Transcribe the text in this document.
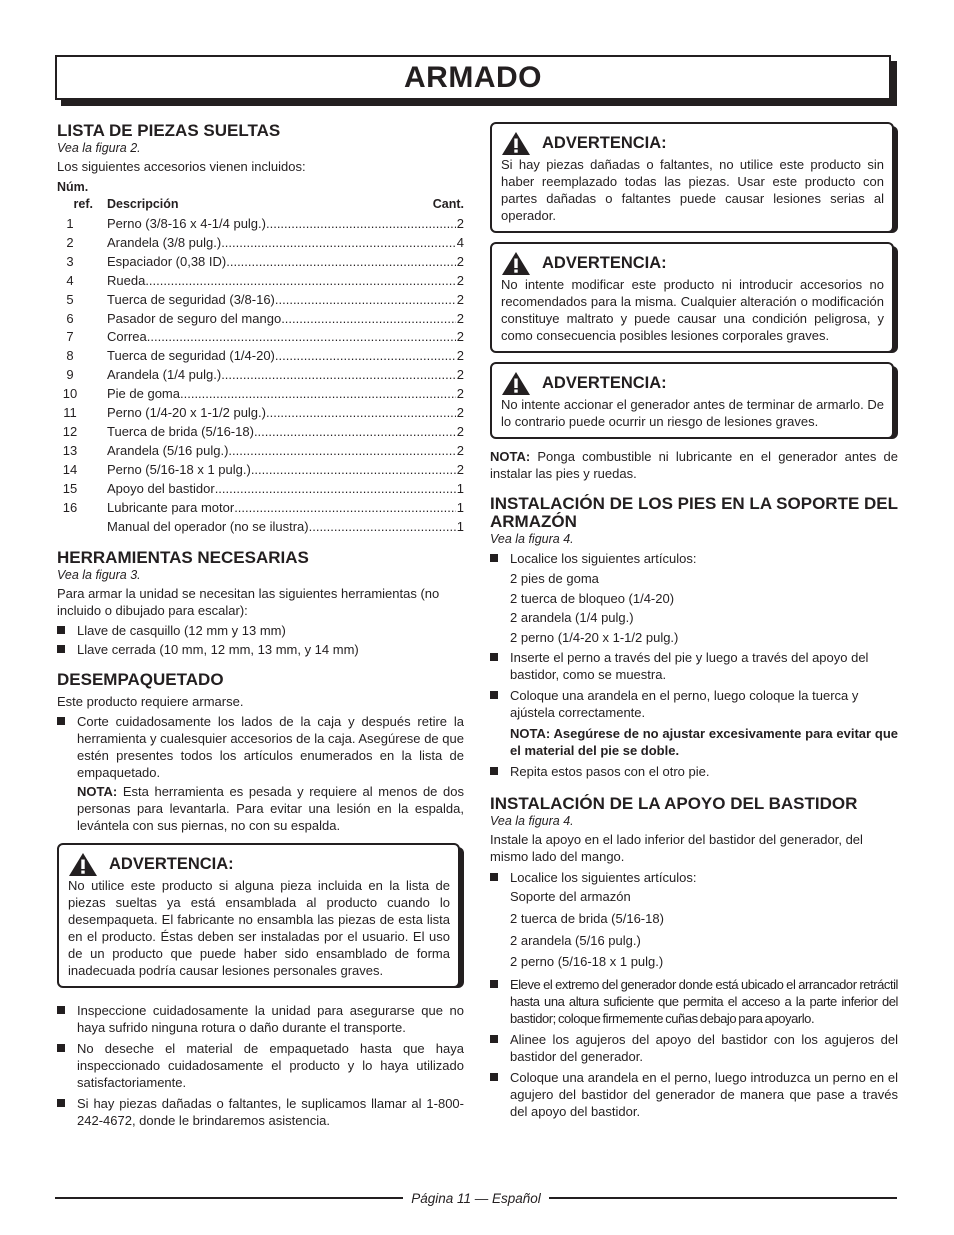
ARMADO
LISTA DE PIEZAS SUELTAS
Vea la figura 2.

Los siguientes accesorios vienen incluidos:

Núm.
ref. Descripción	Cant.
1	Perno (3/8-16 x 4-1/4 pulg.) .....	2
2	Arandela (3/8 pulg.) .....	4
3	Espaciador (0,38 ID) .....	2
4	Rueda .....	2
5	Tuerca de seguridad (3/8-16) .....	2
6	Pasador de seguro del mango .....	2
7	Correa .....	2
8	Tuerca de seguridad (1/4-20) .....	2
9	Arandela (1/4 pulg.) .....	2
10	Pie de goma .....	2
11	Perno (1/4-20 x 1-1/2 pulg.) .....	2
12	Tuerca de brida (5/16-18) .....	2
13	Arandela (5/16 pulg.) .....	2
14	Perno (5/16-18 x 1 pulg.) .....	2
15	Apoyo del bastidor .....	1
16	Lubricante para motor .....	1
Manual del operador (no se ilustra) .....	1
HERRAMIENTAS NECESARIAS
Vea la figura 3.

Para armar la unidad se necesitan las siguientes herramientas (no incluido o dibujado para escalar):

Llave de casquillo (12 mm y 13 mm)
Llave cerrada (10 mm, 12 mm, 13 mm, y 14 mm)
DESEMPAQUETADO

Este producto requiere armarse.

Corte cuidadosamente los lados de la caja y después retire la herramienta y cualesquier accesorios de la caja. Asegúrese de que estén presentes todos los artículos enumerados en la lista de empaquetado.

NOTA: Esta herramienta es pesada y requiere al menos de dos personas para levantarla. Para evitar una lesión en la espalda, levántela con sus piernas, no con su espalda.

ADVERTENCIA:

No utilice este producto si alguna pieza incluida en la lista de piezas sueltas ya está ensamblada al producto cuando lo desempaqueta. El fabricante no ensambla las piezas de esta lista en el producto. Éstas deben ser instaladas por el usuario. El uso de un producto que puede haber sido ensamblado de forma inadecuada podría causar lesiones personales graves.

Inspeccione cuidadosamente la unidad para asegurarse que no haya sufrido ninguna rotura o daño durante el transporte.
No deseche el material de empaquetado hasta que haya inspeccionado cuidadosamente el producto y lo haya utilizado satisfactoriamente.
Si hay piezas dañadas o faltantes, le suplicamos llamar al 1-800-242-4672, donde le brindaremos asistencia.
ADVERTENCIA:

Si hay piezas dañadas o faltantes, no utilice este producto sin haber reemplazado todas las piezas. Usar este producto con partes dañadas o faltantes puede causar lesiones serias al operador.

ADVERTENCIA:

No intente modificar este producto ni introducir accesorios no recomendados para la misma. Cualquier alteración o modificación constituye maltrato y puede causar una condición peligrosa, y como consecuencia posibles lesiones corporales graves.

ADVERTENCIA:

No intente accionar el generador antes de terminar de armarlo. De lo contrario puede ocurrir un riesgo de lesiones graves.

NOTA: Ponga combustible ni lubricante en el generador antes de instalar las pies y ruedas.

INSTALACIÓN DE LOS PIES EN LA SOPORTE DEL ARMAZÓN
Vea la figura 4.
Localice los siguientes artículos:
2 pies de goma
2 tuerca de bloqueo (1/4-20)
2 arandela (1/4 pulg.)
2 perno (1/4-20 x 1-1/2 pulg.)
Inserte el perno a través del pie y luego a través del apoyo del bastidor, como se muestra.
Coloque una arandela en el perno, luego coloque la tuerca y ajústela correctamente.

NOTA: Asegúrese de no ajustar excesivamente para evitar que el material del pie se doble.

Repita estos pasos con el otro pie.
INSTALACIÓN DE LA APOYO DEL BASTIDOR
Vea la figura 4.

Instale la apoyo en el lado inferior del bastidor del generador, del mismo lado del mango.

Localice los siguientes artículos:
Soporte del armazón
2 tuerca de brida (5/16-18)
2 arandela (5/16 pulg.)
2 perno (5/16-18 x 1 pulg.)
Eleve el extremo del generador donde está ubicado el arrancador retráctil hasta una altura suficiente que permita el acceso a la parte inferior del bastidor; coloque firmemente cuñas debajo para apoyarlo.
Alinee los agujeros del apoyo del bastidor con los agujeros del bastidor del generador.
Coloque una arandela en el perno, luego introduzca un perno en el agujero del bastidor del generador de manera que pase a través del apoyo del bastidor.
Página 11 — Español
